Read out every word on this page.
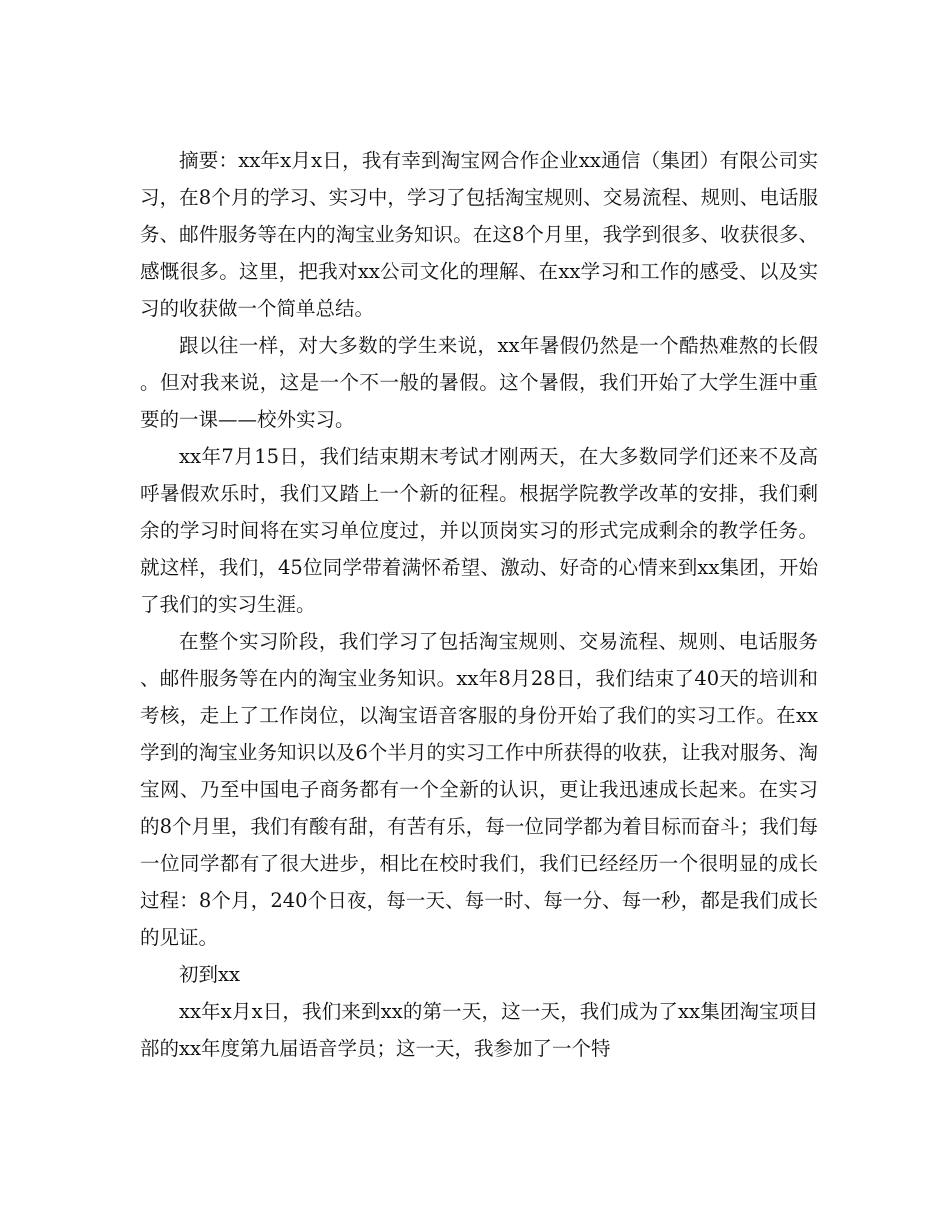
摘要：xx年x月x日，我有幸到淘宝网合作企业xx通信（集团）有限公司实习，在8个月的学习、实习中，学习了包括淘宝规则、交易流程、规则、电话服务、邮件服务等在内的淘宝业务知识。在这8个月里，我学到很多、收获很多、感慨很多。这里，把我对xx公司文化的理解、在xx学习和工作的感受、以及实习的收获做一个简单总结。

跟以往一样，对大多数的学生来说，xx年暑假仍然是一个酷热难熬的长假。但对我来说，这是一个不一般的暑假。这个暑假，我们开始了大学生涯中重要的一课——校外实习。

xx年7月15日，我们结束期末考试才刚两天，在大多数同学们还来不及高呼暑假欢乐时，我们又踏上一个新的征程。根据学院教学改革的安排，我们剩余的学习时间将在实习单位度过，并以顶岗实习的形式完成剩余的教学任务。就这样，我们，45位同学带着满怀希望、激动、好奇的心情来到xx集团，开始了我们的实习生涯。

在整个实习阶段，我们学习了包括淘宝规则、交易流程、规则、电话服务、邮件服务等在内的淘宝业务知识。xx年8月28日，我们结束了40天的培训和考核，走上了工作岗位，以淘宝语音客服的身份开始了我们的实习工作。在xx学到的淘宝业务知识以及6个半月的实习工作中所获得的收获，让我对服务、淘宝网、乃至中国电子商务都有一个全新的认识，更让我迅速成长起来。在实习的8个月里，我们有酸有甜，有苦有乐，每一位同学都为着目标而奋斗；我们每一位同学都有了很大进步，相比在校时我们，我们已经经历一个很明显的成长过程：8个月，240个日夜，每一天、每一时、每一分、每一秒，都是我们成长的见证。

初到xx

xx年x月x日，我们来到xx的第一天，这一天，我们成为了xx集团淘宝项目部的xx年度第九届语音学员；这一天，我参加了一个特
